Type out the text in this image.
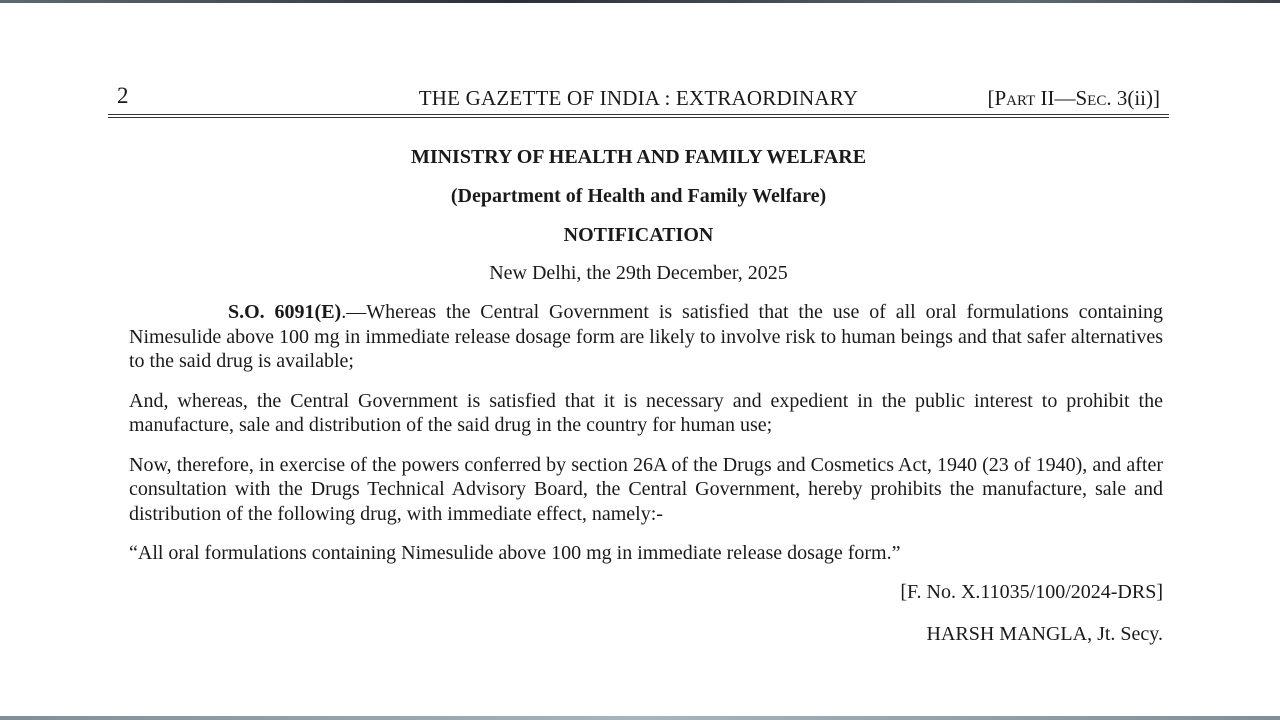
2	THE GAZETTE OF INDIA : EXTRAORDINARY	[Part II—Sec. 3(ii)]
MINISTRY OF HEALTH AND FAMILY WELFARE
(Department of Health and Family Welfare)
NOTIFICATION
New Delhi, the 29th December, 2025

S.O. 6091(E).—Whereas the Central Government is satisfied that the use of all oral formulations containing Nimesulide above 100 mg in immediate release dosage form are likely to involve risk to human beings and that safer alternatives to the said drug is available;

And, whereas, the Central Government is satisfied that it is necessary and expedient in the public interest to prohibit the manufacture, sale and distribution of the said drug in the country for human use;

Now, therefore, in exercise of the powers conferred by section 26A of the Drugs and Cosmetics Act, 1940 (23 of 1940), and after consultation with the Drugs Technical Advisory Board, the Central Government, hereby prohibits the manufacture, sale and distribution of the following drug, with immediate effect, namely:-

“All oral formulations containing Nimesulide above 100 mg in immediate release dosage form.”

[F. No. X.11035/100/2024-DRS]
HARSH MANGLA, Jt. Secy.
